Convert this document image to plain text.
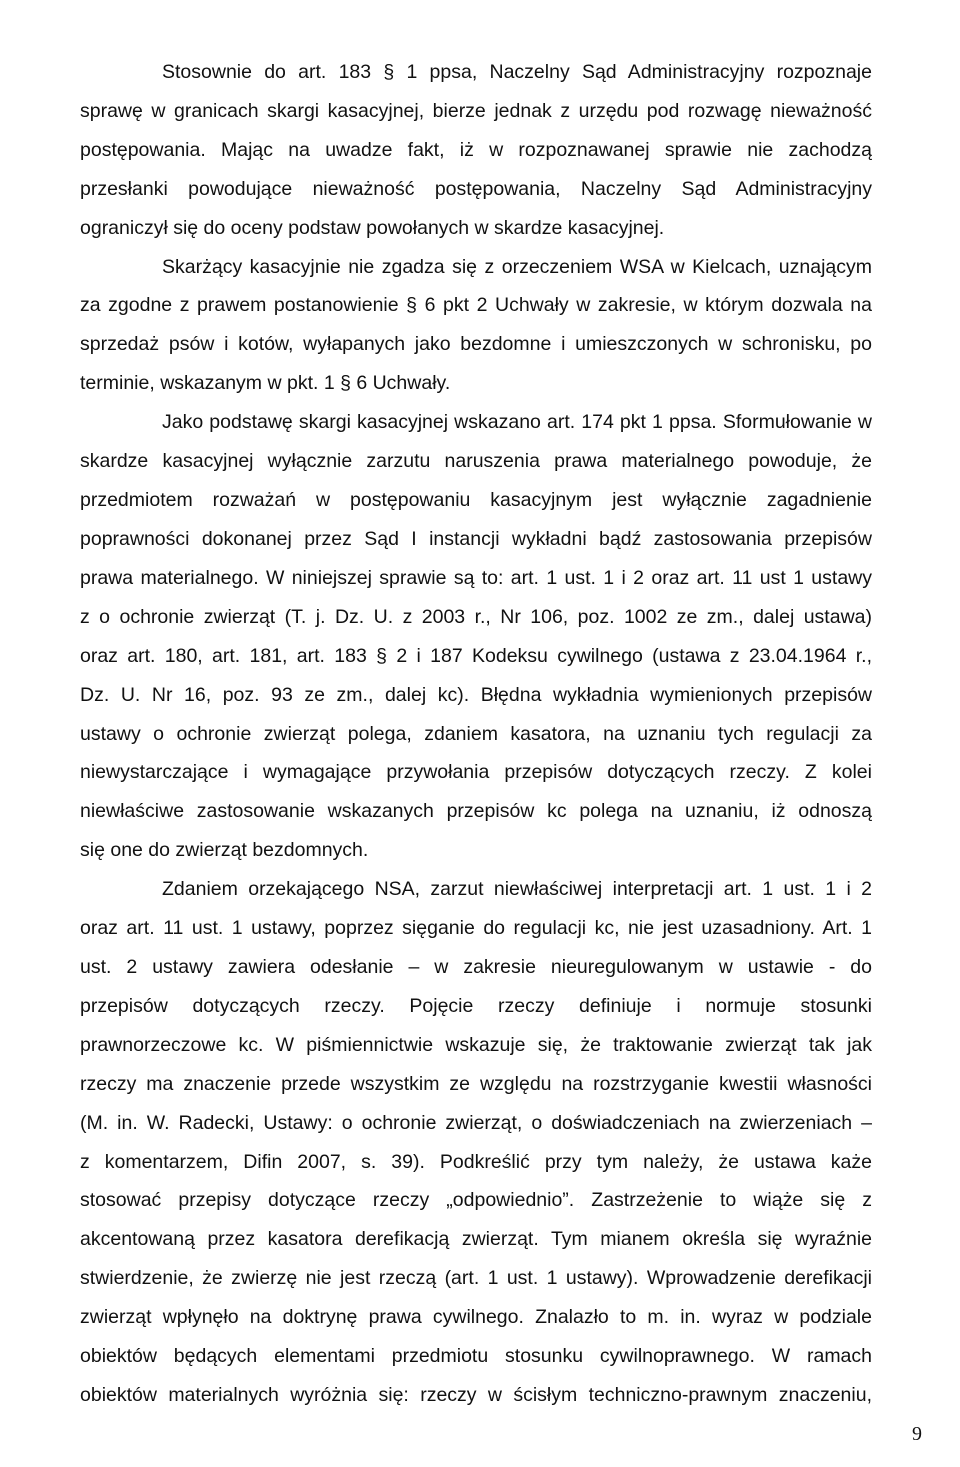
Stosownie do art. 183 § 1 ppsa, Naczelny Sąd Administracyjny rozpoznaje
sprawę w granicach skargi kasacyjnej, bierze jednak z urzędu pod rozwagę nieważność
postępowania. Mając na uwadze fakt, iż w rozpoznawanej sprawie nie zachodzą
przesłanki powodujące nieważność postępowania, Naczelny Sąd Administracyjny
ograniczył się do oceny podstaw powołanych w skardze kasacyjnej.
Skarżący kasacyjnie nie zgadza się z orzeczeniem WSA w Kielcach, uznającym
za zgodne z prawem postanowienie § 6 pkt 2 Uchwały w zakresie, w którym dozwala na
sprzedaż psów i kotów, wyłapanych jako bezdomne i umieszczonych w schronisku, po
terminie, wskazanym w pkt. 1 § 6 Uchwały.
Jako podstawę skargi kasacyjnej wskazano art. 174 pkt 1 ppsa. Sformułowanie w
skardze kasacyjnej wyłącznie zarzutu naruszenia prawa materialnego powoduje, że
przedmiotem rozważań w postępowaniu kasacyjnym jest wyłącznie zagadnienie
poprawności dokonanej przez Sąd I instancji wykładni bądź zastosowania przepisów
prawa materialnego. W niniejszej sprawie są to: art. 1 ust. 1 i 2 oraz art. 11 ust 1 ustawy
z o ochronie zwierząt (T. j. Dz. U. z 2003 r., Nr 106, poz. 1002 ze zm., dalej ustawa)
oraz art. 180, art. 181, art. 183 § 2 i 187 Kodeksu cywilnego (ustawa z 23.04.1964 r.,
Dz. U. Nr 16, poz. 93 ze zm., dalej kc). Błędna wykładnia wymienionych przepisów
ustawy o ochronie zwierząt polega, zdaniem kasatora, na uznaniu tych regulacji za
niewystarczające i wymagające przywołania przepisów dotyczących rzeczy. Z kolei
niewłaściwe zastosowanie wskazanych przepisów kc polega na uznaniu, iż odnoszą
się one do zwierząt bezdomnych.
Zdaniem orzekającego NSA, zarzut niewłaściwej interpretacji art. 1 ust. 1 i 2
oraz art. 11 ust. 1 ustawy, poprzez sięganie do regulacji kc, nie jest uzasadniony. Art. 1
ust. 2 ustawy zawiera odesłanie – w zakresie nieuregulowanym w ustawie - do
przepisów dotyczących rzeczy. Pojęcie rzeczy definiuje i normuje stosunki
prawnorzeczowe kc. W piśmiennictwie wskazuje się, że traktowanie zwierząt tak jak
rzeczy ma znaczenie przede wszystkim ze względu na rozstrzyganie kwestii własności
(M. in. W. Radecki, Ustawy: o ochronie zwierząt, o doświadczeniach na zwierzeniach –
z komentarzem, Difin 2007, s. 39). Podkreślić przy tym należy, że ustawa każe
stosować przepisy dotyczące rzeczy „odpowiednio”. Zastrzeżenie to wiąże się z
akcentowaną przez kasatora derefikacją zwierząt. Tym mianem określa się wyraźnie
stwierdzenie, że zwierzę nie jest rzeczą (art. 1 ust. 1 ustawy). Wprowadzenie derefikacji
zwierząt wpłynęło na doktrynę prawa cywilnego. Znalazło to m. in. wyraz w podziale
obiektów będących elementami przedmiotu stosunku cywilnoprawnego. W ramach
obiektów materialnych wyróżnia się: rzeczy w ścisłym techniczno-prawnym znaczeniu,
9
